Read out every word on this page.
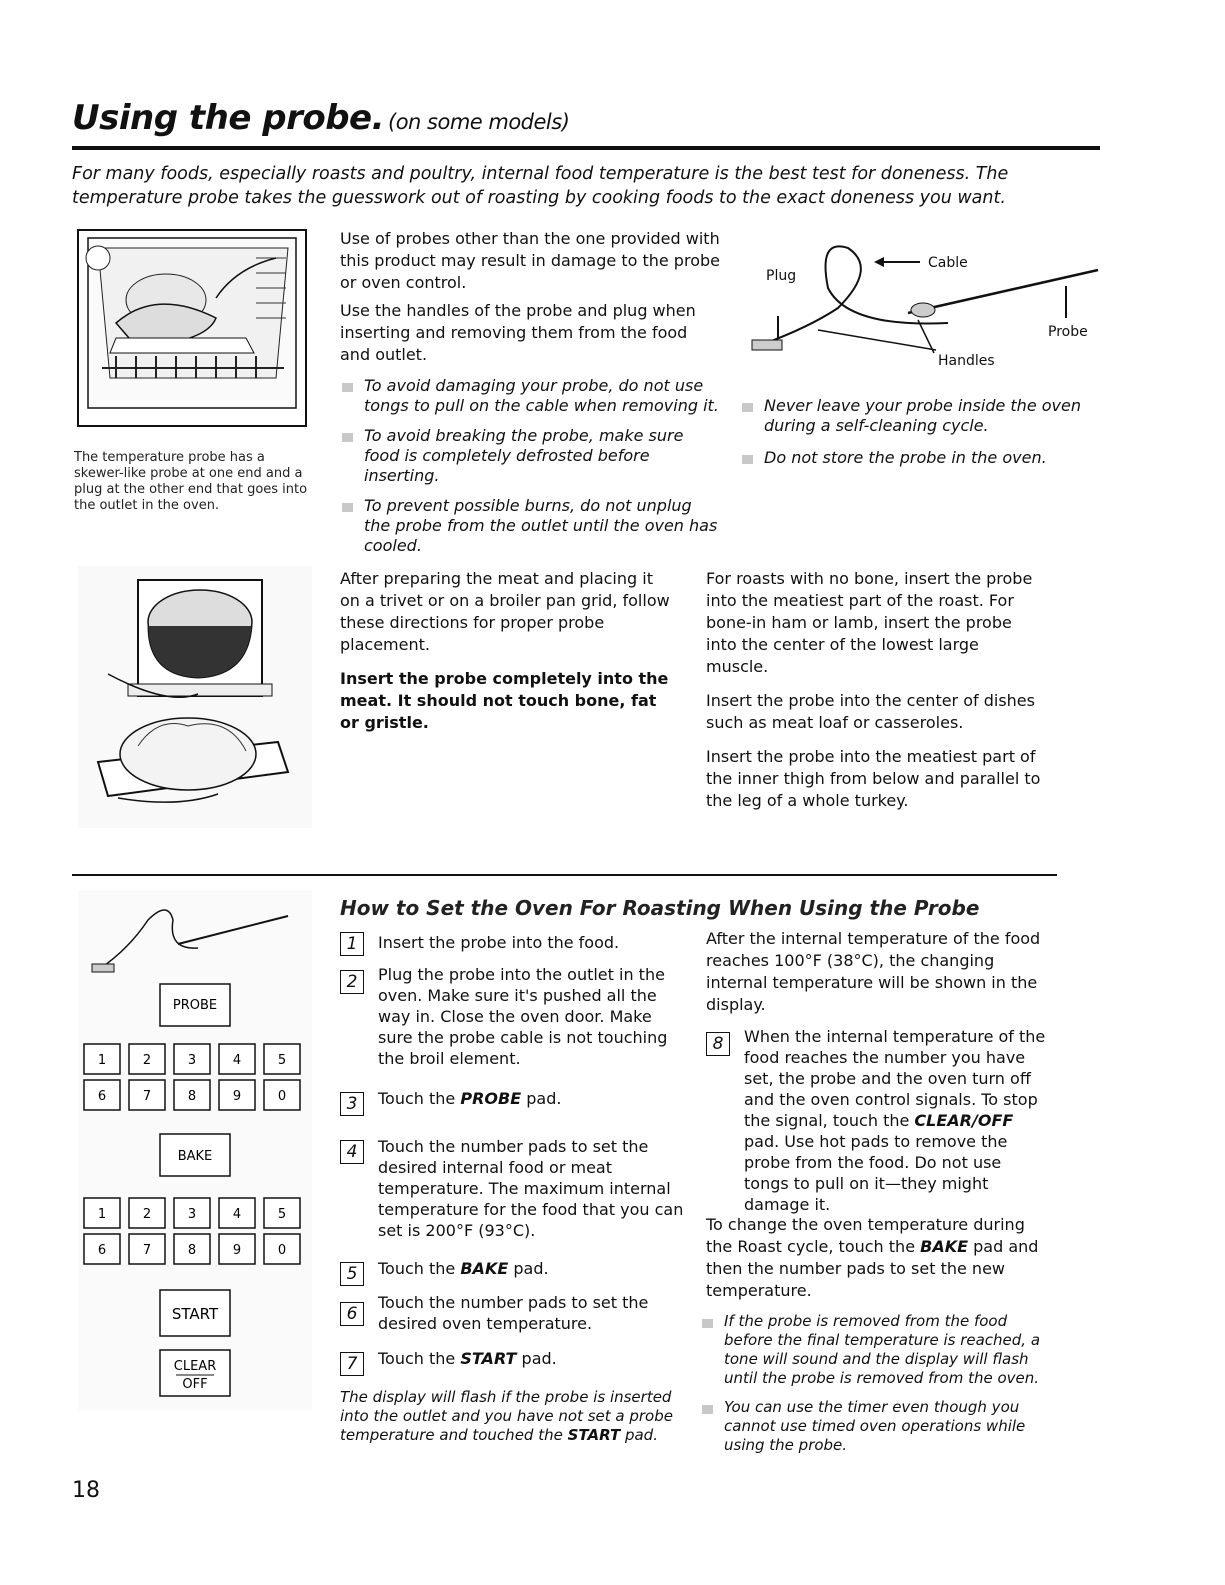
Using the probe. (on some models)
For many foods, especially roasts and poultry, internal food temperature is the best test for doneness. The temperature probe takes the guesswork out of roasting by cooking foods to the exact doneness you want.
The temperature probe has a skewer-like probe at one end and a plug at the other end that goes into the outlet in the oven.

Use of probes other than the one provided with this product may result in damage to the probe or oven control.

Use the handles of the probe and plug when inserting and removing them from the food and outlet.

To avoid damaging your probe, do not use tongs to pull on the cable when removing it.
To avoid breaking the probe, make sure food is completely defrosted before inserting.
To prevent possible burns, do not unplug the probe from the outlet until the oven has cooled.
Plug
Cable
Probe
Handles
Never leave your probe inside the oven during a self-cleaning cycle.
Do not store the probe in the oven.

After preparing the meat and placing it on a trivet or on a broiler pan grid, follow these directions for proper probe placement.

Insert the probe completely into the meat. It should not touch bone, fat or gristle.

For roasts with no bone, insert the probe into the meatiest part of the roast. For bone-in ham or lamb, insert the probe into the center of the lowest large muscle.

Insert the probe into the center of dishes such as meat loaf or casseroles.

Insert the probe into the meatiest part of the inner thigh from below and parallel to the leg of a whole turkey.

How to Set the Oven For Roasting When Using the Probe
PROBE
1	2	3	4	5
6	7	8	9	0
BAKE
1	2	3	4	5
6	7	8	9	0
START
CLEAR
OFF
1	Insert the probe into the food.
2	Plug the probe into the outlet in the oven. Make sure it's pushed all the way in. Close the oven door. Make sure the probe cable is not touching the broil element.
3	Touch the PROBE pad.
4	Touch the number pads to set the desired internal food or meat temperature. The maximum internal temperature for the food that you can set is 200°F (93°C).
5	Touch the BAKE pad.
6
Touch the number pads to set the desired oven temperature.
7	Touch the START pad.
The display will flash if the probe is inserted into the outlet and you have not set a probe temperature and touched the START pad.
After the internal temperature of the food reaches 100°F (38°C), the changing internal temperature will be shown in the display.
8	When the internal temperature of the food reaches the number you have set, the probe and the oven turn off and the oven control signals. To stop the signal, touch the CLEAR/OFF pad. Use hot pads to remove the probe from the food. Do not use tongs to pull on it—they might damage it.
To change the oven temperature during the Roast cycle, touch the BAKE pad and then the number pads to set the new temperature.
If the probe is removed from the food before the final temperature is reached, a tone will sound and the display will flash until the probe is removed from the oven.
You can use the timer even though you cannot use timed oven operations while using the probe.
18
